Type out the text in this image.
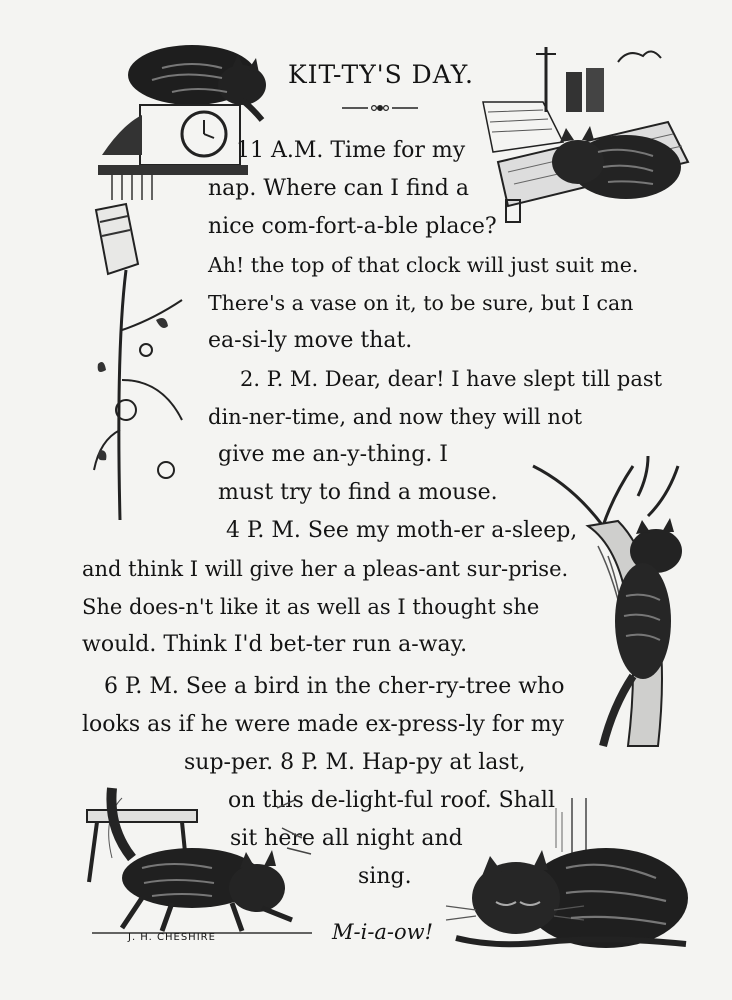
KIT-TY'S DAY.
11 A.M. Time for my
nap. Where can I find a
nice com-fort-a-ble place?
Ah! the top of that clock will just suit me.
There's a vase on it, to be sure, but I can
ea-si-ly move that.
2. P. M. Dear, dear! I have slept till past
din-ner-time, and now they will not
give me an-y-thing. I
must try to find a mouse.
4 P. M. See my moth-er a-sleep,
and think I will give her a pleas-ant sur-prise.
She does-n't like it as well as I thought she
would. Think I'd bet-ter run a-way.
6 P. M. See a bird in the cher-ry-tree who
looks as if he were made ex-press-ly for my
sup-per. 8 P. M. Hap-py at last,
on this de-light-ful roof. Shall
sit here all night and
sing.
M-i-a-ow!
J. H. CHESHIRE
